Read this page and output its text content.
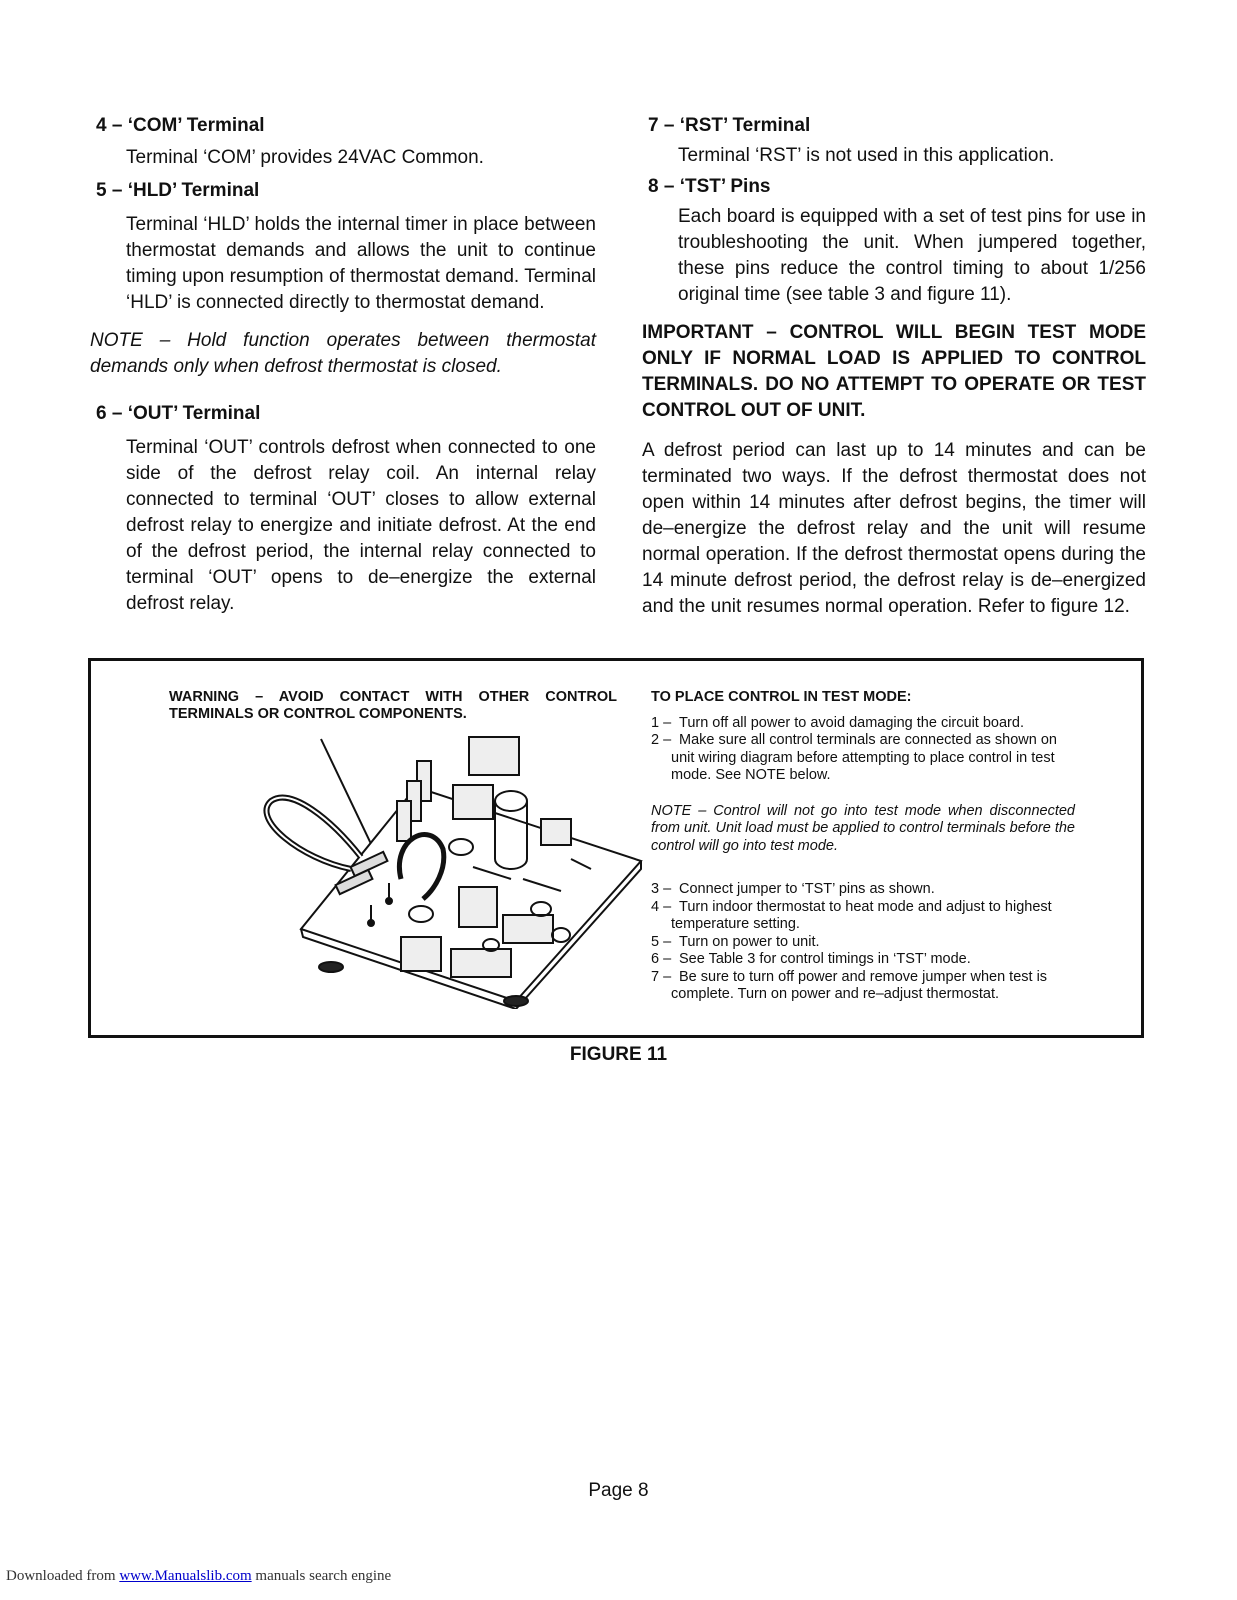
4 – ‘COM’ Terminal

Terminal ‘COM’ provides 24VAC Common.

5 – ‘HLD’ Terminal

Terminal ‘HLD’ holds the internal timer in place between thermostat demands and allows the unit to continue timing upon resumption of thermostat demand. Terminal ‘HLD’ is connected directly to thermostat demand.

NOTE – Hold function operates between thermostat demands only when defrost thermostat is closed.

6 – ‘OUT’ Terminal

Terminal ‘OUT’ controls defrost when connected to one side of the defrost relay coil. An internal relay connected to terminal ‘OUT’ closes to allow external defrost relay to energize and initiate defrost. At the end of the defrost period, the internal relay connected to terminal ‘OUT’ opens to de–energize the external defrost relay.

7 – ‘RST’ Terminal

Terminal ‘RST’ is not used in this application.

8 – ‘TST’ Pins

Each board is equipped with a set of test pins for use in troubleshooting the unit. When jumpered together, these pins reduce the control timing to about 1/256 original time (see table 3 and figure 11).

IMPORTANT – CONTROL WILL BEGIN TEST MODE ONLY IF NORMAL LOAD IS APPLIED TO CONTROL TERMINALS. DO NO ATTEMPT TO OPERATE OR TEST CONTROL OUT OF UNIT.

A defrost period can last up to 14 minutes and can be terminated two ways. If the defrost thermostat does not open within 14 minutes after defrost begins, the timer will de–energize the defrost relay and the unit will resume normal operation. If the defrost thermostat opens during the 14 minute defrost period, the defrost relay is de–energized and the unit resumes normal operation. Refer to figure 12.

WARNING – AVOID CONTACT WITH OTHER CONTROL TERMINALS OR CONTROL COMPONENTS.
TO PLACE CONTROL IN TEST MODE:
1 – Turn off all power to avoid damaging the circuit board.
2 – Make sure all control terminals are connected as shown on unit wiring diagram before attempting to place control in test mode. See NOTE below.
NOTE – Control will not go into test mode when disconnected from unit. Unit load must be applied to control terminals before the control will go into test mode.
3 – Connect jumper to ‘TST’ pins as shown.
4 – Turn indoor thermostat to heat mode and adjust to highest temperature setting.
5 – Turn on power to unit.
6 – See Table 3 for control timings in ‘TST’ mode.
7 – Be sure to turn off power and remove jumper when test is complete. Turn on power and re–adjust thermostat.
FIGURE 11
Page 8
Downloaded from www.Manualslib.com manuals search engine
